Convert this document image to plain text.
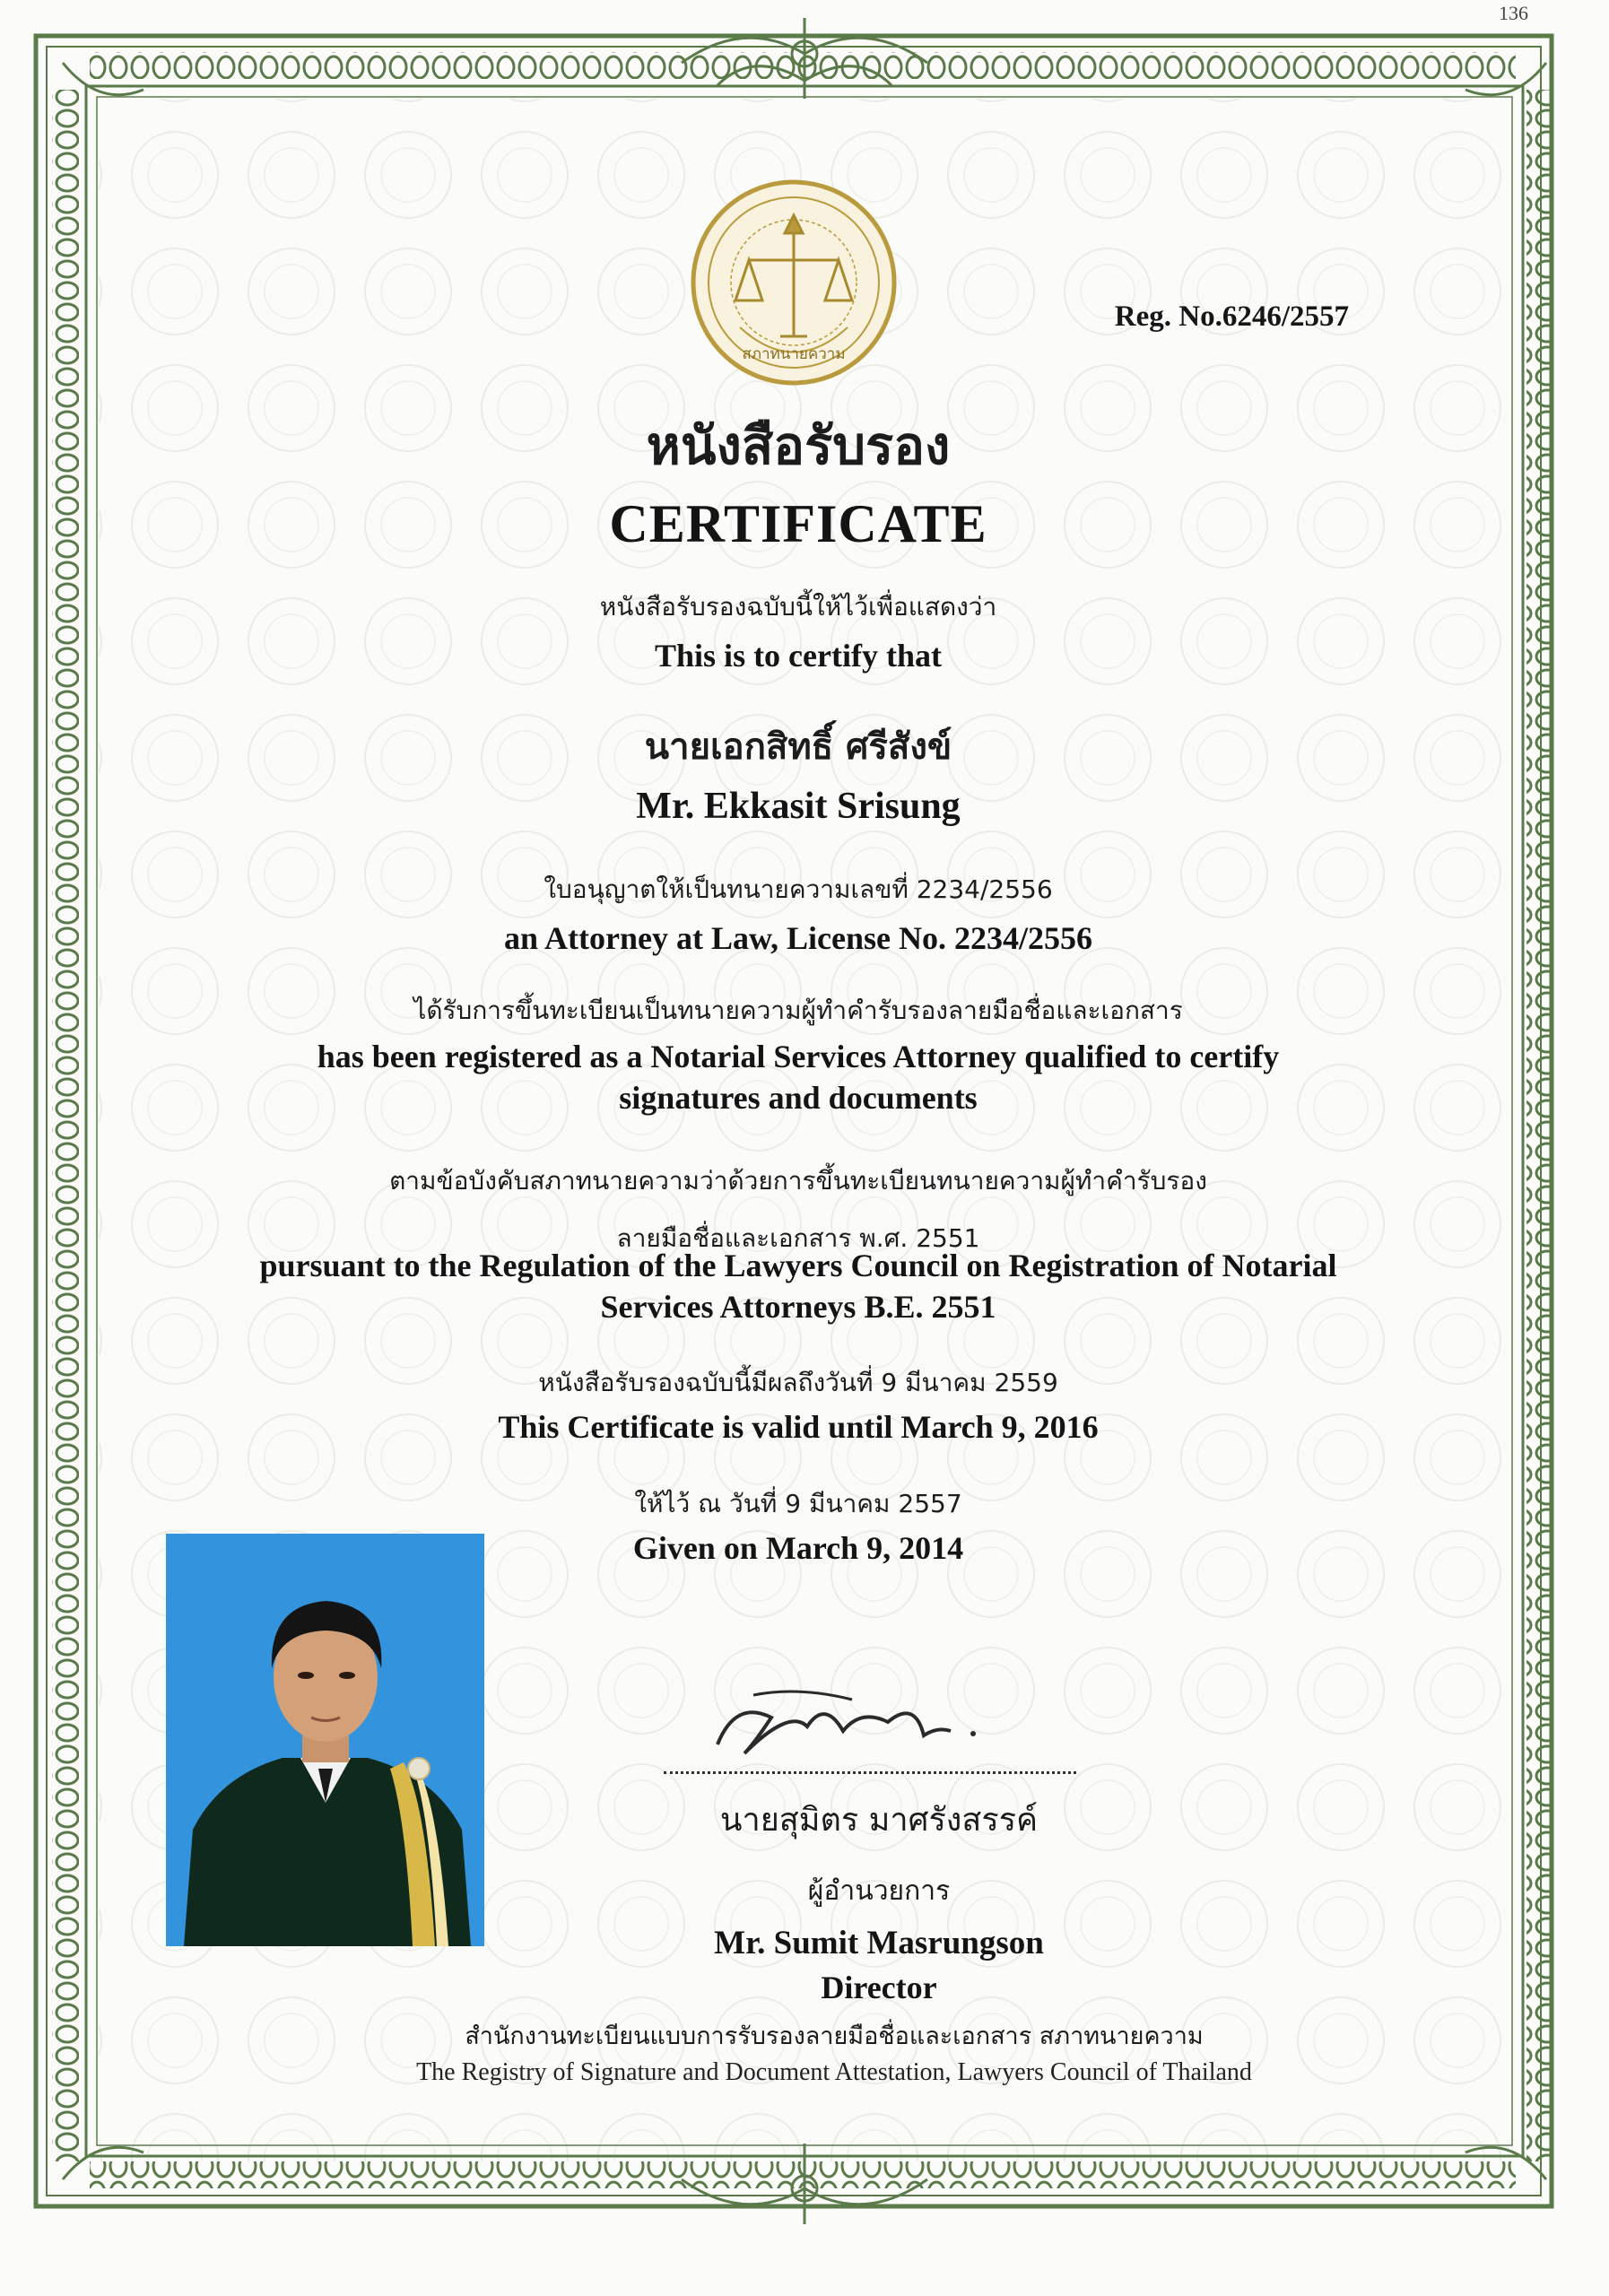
136
สภาทนายความ
Reg. No.6246/2557
หนังสือรับรอง
CERTIFICATE
หนังสือรับรองฉบับนี้ให้ไว้เพื่อแสดงว่า
This is to certify that
นายเอกสิทธิ์ ศรีสังข์
Mr. Ekkasit Srisung
ใบอนุญาตให้เป็นทนายความเลขที่ 2234/2556
an Attorney at Law, License No. 2234/2556
ได้รับการขึ้นทะเบียนเป็นทนายความผู้ทำคำรับรองลายมือชื่อและเอกสาร
has been registered as a Notarial Services Attorney qualified to certify
signatures and documents
ตามข้อบังคับสภาทนายความว่าด้วยการขึ้นทะเบียนทนายความผู้ทำคำรับรอง
ลายมือชื่อและเอกสาร พ.ศ. 2551
pursuant to the Regulation of the Lawyers Council on Registration of Notarial
Services Attorneys B.E. 2551
หนังสือรับรองฉบับนี้มีผลถึงวันที่ 9 มีนาคม 2559
This Certificate is valid until March 9, 2016
ให้ไว้ ณ วันที่ 9 มีนาคม 2557
Given on March 9, 2014
นายสุมิตร มาศรังสรรค์
ผู้อำนวยการ
Mr. Sumit Masrungson
Director
สำนักงานทะเบียนแบบการรับรองลายมือชื่อและเอกสาร สภาทนายความ
The Registry of Signature and Document Attestation, Lawyers Council of Thailand
